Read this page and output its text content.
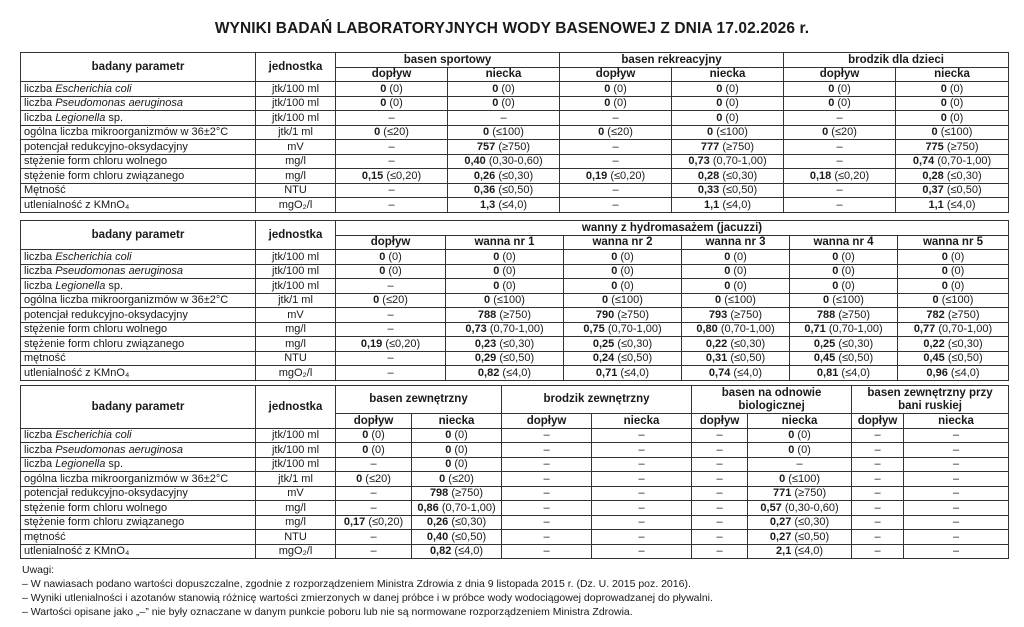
WYNIKI BADAŃ LABORATORYJNYCH WODY BASENOWEJ Z DNIA 17.02.2026 r.
badany parametr	jednostka	basen sportowy		basen rekreacyjny		brodzik dla dzieci	
		dopływ	niecka	dopływ	niecka	dopływ	niecka
liczba Escherichia coli	jtk/100 ml	0 (0)	0 (0)	0 (0)	0 (0)	0 (0)	0 (0)
liczba Pseudomonas aeruginosa	jtk/100 ml	0 (0)	0 (0)	0 (0)	0 (0)	0 (0)	0 (0)
liczba Legionella sp.	jtk/100 ml	–	–	–	0 (0)	–	0 (0)
ogólna liczba mikroorganizmów w 36±2°C	jtk/1 ml	0 (≤20)	0 (≤100)	0 (≤20)	0 (≤100)	0 (≤20)	0 (≤100)
potencjał redukcyjno-oksydacyjny	mV	–	757 (≥750)	–	777 (≥750)	–	775 (≥750)
stężenie form chloru wolnego	mg/l	–	0,40 (0,30-0,60)	–	0,73 (0,70-1,00)	–	0,74 (0,70-1,00)
stężenie form chloru związanego	mg/l	0,15 (≤0,20)	0,26 (≤0,30)	0,19 (≤0,20)	0,28 (≤0,30)	0,18 (≤0,20)	0,28 (≤0,30)
Mętność	NTU	–	0,36 (≤0,50)	–	0,33 (≤0,50)	–	0,37 (≤0,50)
utlenialność z KMnO₄	mgO₂/l	–	1,3 (≤4,0)	–	1,1 (≤4,0)	–	1,1 (≤4,0)
badany parametr	jednostka	wanny z hydromasażem (jacuzzi)					
		dopływ	wanna nr 1	wanna nr 2	wanna nr 3	wanna nr 4	wanna nr 5
liczba Escherichia coli	jtk/100 ml	0 (0)	0 (0)	0 (0)	0 (0)	0 (0)	0 (0)
liczba Pseudomonas aeruginosa	jtk/100 ml	0 (0)	0 (0)	0 (0)	0 (0)	0 (0)	0 (0)
liczba Legionella sp.	jtk/100 ml	–	0 (0)	0 (0)	0 (0)	0 (0)	0 (0)
ogólna liczba mikroorganizmów w 36±2°C	jtk/1 ml	0 (≤20)	0 (≤100)	0 (≤100)	0 (≤100)	0 (≤100)	0 (≤100)
potencjał redukcyjno-oksydacyjny	mV	–	788 (≥750)	790 (≥750)	793 (≥750)	788 (≥750)	782 (≥750)
stężenie form chloru wolnego	mg/l	–	0,73 (0,70-1,00)	0,75 (0,70-1,00)	0,80 (0,70-1,00)	0,71 (0,70-1,00)	0,77 (0,70-1,00)
stężenie form chloru związanego	mg/l	0,19 (≤0,20)	0,23 (≤0,30)	0,25 (≤0,30)	0,22 (≤0,30)	0,25 (≤0,30)	0,22 (≤0,30)
mętność	NTU	–	0,29 (≤0,50)	0,24 (≤0,50)	0,31 (≤0,50)	0,45 (≤0,50)	0,45 (≤0,50)
utlenialność z KMnO₄	mgO₂/l	–	0,82 (≤4,0)	0,71 (≤4,0)	0,74 (≤4,0)	0,81 (≤4,0)	0,96 (≤4,0)
badany parametr	jednostka	basen zewnętrzny		brodzik zewnętrzny		basen na odnowie biologicznej		basen zewnętrzny przy bani ruskiej	
		dopływ	niecka	dopływ	niecka	dopływ	niecka	dopływ	niecka
liczba Escherichia coli	jtk/100 ml	0 (0)	0 (0)	–	–	–	0 (0)	–	–
liczba Pseudomonas aeruginosa	jtk/100 ml	0 (0)	0 (0)	–	–	–	0 (0)	–	–
liczba Legionella sp.	jtk/100 ml	–	0 (0)	–	–	–	–	–	–
ogólna liczba mikroorganizmów w 36±2°C	jtk/1 ml	0 (≤20)	0 (≤20)	–	–	–	0 (≤100)	–	–
potencjał redukcyjno-oksydacyjny	mV	–	798 (≥750)	–	–	–	771 (≥750)	–	–
stężenie form chloru wolnego	mg/l	–	0,86 (0,70-1,00)	–	–	–	0,57 (0,30-0,60)	–	–
stężenie form chloru związanego	mg/l	0,17 (≤0,20)	0,26 (≤0,30)	–	–	–	0,27 (≤0,30)	–	–
mętność	NTU	–	0,40 (≤0,50)	–	–	–	0,27 (≤0,50)	–	–
utlenialność z KMnO₄	mgO₂/l	–	0,82 (≤4,0)	–	–	–	2,1 (≤4,0)	–	–
Uwagi:
– W nawiasach podano wartości dopuszczalne, zgodnie z rozporządzeniem Ministra Zdrowia z dnia 9 listopada 2015 r. (Dz. U. 2015 poz. 2016).
– Wyniki utlenialności i azotanów stanowią różnicę wartości zmierzonych w danej próbce i w próbce wody wodociągowej doprowadzanej do pływalni.
– Wartości opisane jako „–” nie były oznaczane w danym punkcie poboru lub nie są normowane rozporządzeniem Ministra Zdrowia.
